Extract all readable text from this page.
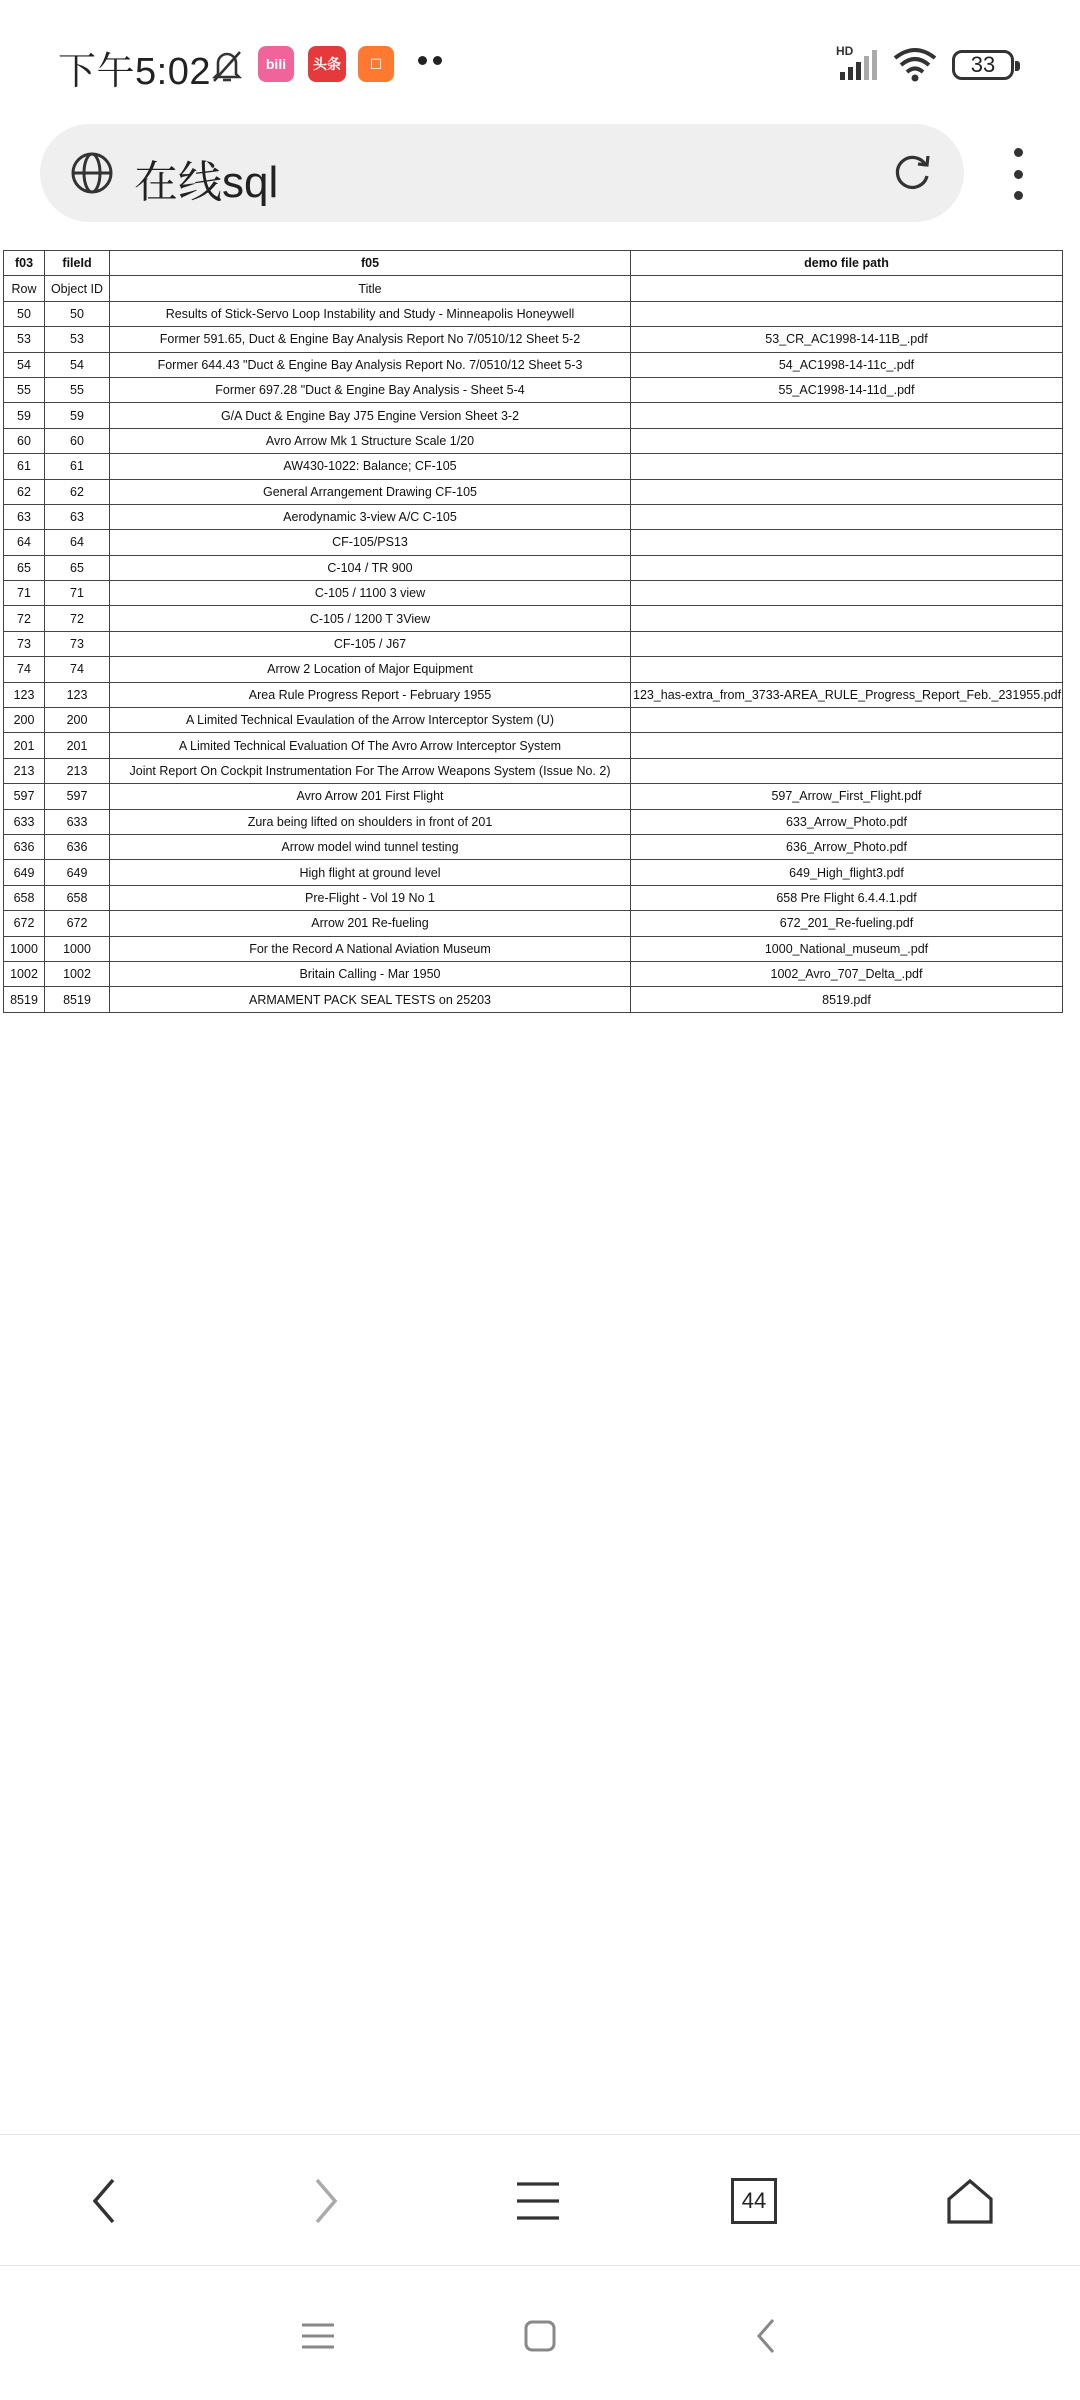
下午5:02	bili	头条	☐
HD
33
在线sql
f03	fileId	f05	demo file path
Row	Object ID	Title	
50	50	Results of Stick-Servo Loop Instability and Study - Minneapolis Honeywell	
53	53	Former 591.65, Duct & Engine Bay Analysis Report No 7/0510/12 Sheet 5-2	53_CR_AC1998-14-11B_.pdf
54	54	Former 644.43 "Duct & Engine Bay Analysis Report No. 7/0510/12 Sheet 5-3	54_AC1998-14-11c_.pdf
55	55	Former 697.28 "Duct & Engine Bay Analysis - Sheet 5-4	55_AC1998-14-11d_.pdf
59	59	G/A Duct & Engine Bay J75 Engine Version Sheet 3-2	
60	60	Avro Arrow Mk 1 Structure Scale 1/20	
61	61	AW430-1022: Balance; CF-105	
62	62	General Arrangement Drawing CF-105	
63	63	Aerodynamic 3-view A/C C-105	
64	64	CF-105/PS13	
65	65	C-104 / TR 900	
71	71	C-105 / 1100 3 view	
72	72	C-105 / 1200 T 3View	
73	73	CF-105 / J67	
74	74	Arrow 2 Location of Major Equipment	
123	123	Area Rule Progress Report - February 1955	123_has-extra_from_3733-AREA_RULE_Progress_Report_Feb._231955.pdf
200	200	A Limited Technical Evaulation of the Arrow Interceptor System (U)	
201	201	A Limited Technical Evaluation Of The Avro Arrow Interceptor System	
213	213	Joint Report On Cockpit Instrumentation For The Arrow Weapons System (Issue No. 2)	
597	597	Avro Arrow 201 First Flight	597_Arrow_First_Flight.pdf
633	633	Zura being lifted on shoulders in front of 201	633_Arrow_Photo.pdf
636	636	Arrow model wind tunnel testing	636_Arrow_Photo.pdf
649	649	High flight at ground level	649_High_flight3.pdf
658	658	Pre-Flight - Vol 19 No 1	658 Pre Flight 6.4.4.1.pdf
672	672	Arrow 201 Re-fueling	672_201_Re-fueling.pdf
1000	1000	For the Record A National Aviation Museum	1000_National_museum_.pdf
1002	1002	Britain Calling - Mar 1950	1002_Avro_707_Delta_.pdf
8519	8519	ARMAMENT PACK SEAL TESTS on 25203	8519.pdf
44
